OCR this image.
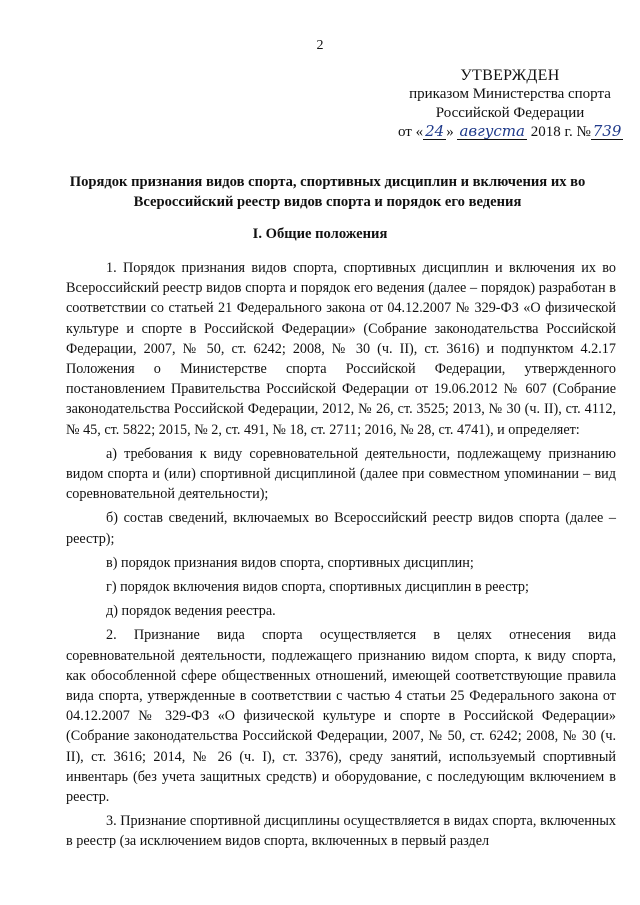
2
УТВЕРЖДЕН
приказом Министерства спорта
Российской Федерации
от « 24 » августа 2018 г. № 739
Порядок признания видов спорта, спортивных дисциплин и включения их во Всероссийский реестр видов спорта и порядок его ведения
I. Общие положения

1. Порядок признания видов спорта, спортивных дисциплин и включения их во Всероссийский реестр видов спорта и порядок его ведения (далее – порядок) разработан в соответствии со статьей 21 Федерального закона от 04.12.2007 № 329-ФЗ «О физической культуре и спорте в Российской Федерации» (Собрание законодательства Российской Федерации, 2007, № 50, ст. 6242; 2008, № 30 (ч. II), ст. 3616) и подпунктом 4.2.17 Положения о Министерстве спорта Российской Федерации, утвержденного постановлением Правительства Российской Федерации от 19.06.2012 № 607 (Собрание законодательства Российской Федерации, 2012, № 26, ст. 3525; 2013, № 30 (ч. II), ст. 4112, № 45, ст. 5822; 2015, № 2, ст. 491, № 18, ст. 2711; 2016, № 28, ст. 4741), и определяет:

а) требования к виду соревновательной деятельности, подлежащему признанию видом спорта и (или) спортивной дисциплиной (далее при совместном упоминании – вид соревновательной деятельности);

б) состав сведений, включаемых во Всероссийский реестр видов спорта (далее – реестр);

в) порядок признания видов спорта, спортивных дисциплин;

г) порядок включения видов спорта, спортивных дисциплин в реестр;

д) порядок ведения реестра.

2. Признание вида спорта осуществляется в целях отнесения вида соревновательной деятельности, подлежащего признанию видом спорта, к виду спорта, как обособленной сфере общественных отношений, имеющей соответствующие правила вида спорта, утвержденные в соответствии с частью 4 статьи 25 Федерального закона от 04.12.2007 № 329-ФЗ «О физической культуре и спорте в Российской Федерации» (Собрание законодательства Российской Федерации, 2007, № 50, ст. 6242; 2008, № 30 (ч. II), ст. 3616; 2014, № 26 (ч. I), ст. 3376), среду занятий, используемый спортивный инвентарь (без учета защитных средств) и оборудование, с последующим включением в реестр.

3. Признание спортивной дисциплины осуществляется в видах спорта, включенных в реестр (за исключением видов спорта, включенных в первый раздел
